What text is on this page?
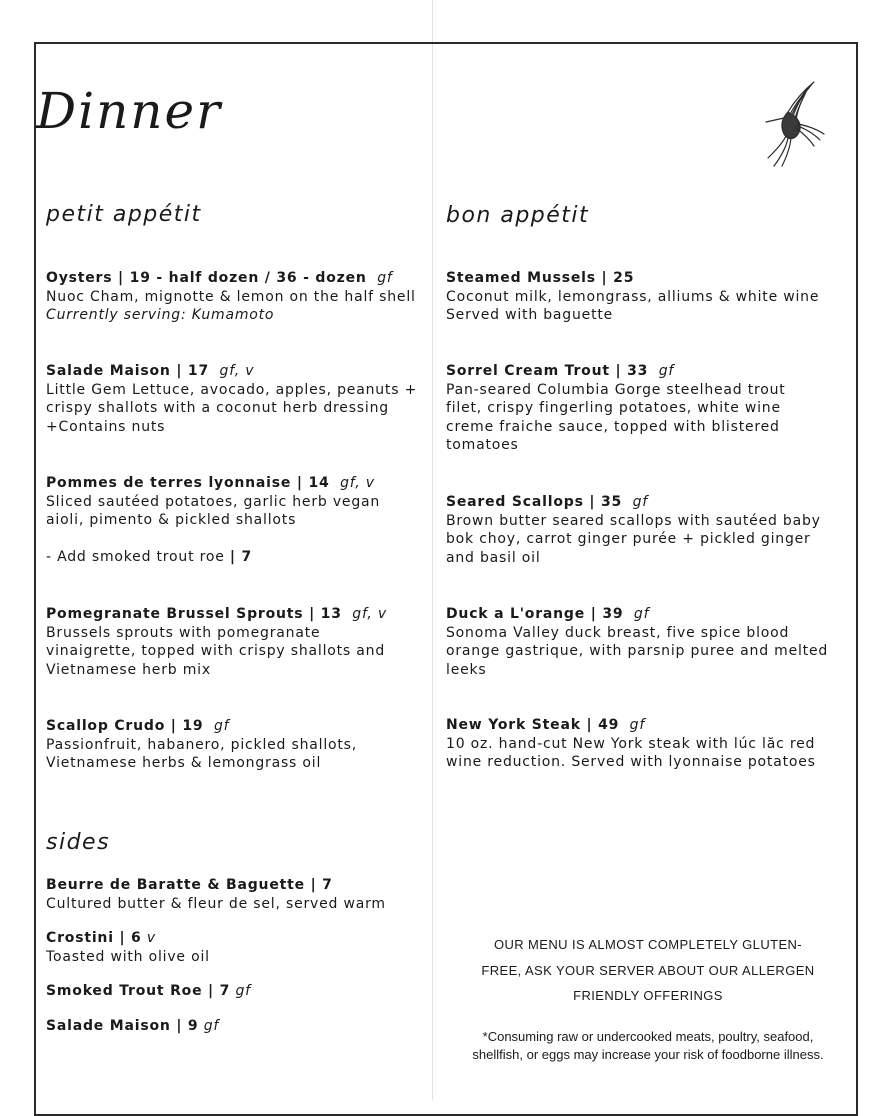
Dinner
petit appétit
Oysters | 19 - half dozen / 36 - dozen gf
Nuoc Cham, mignotte & lemon on the half shell
Currently serving: Kumamoto
Salade Maison | 17 gf, v
Little Gem Lettuce, avocado, apples, peanuts +
crispy shallots with a coconut herb dressing
+Contains nuts
Pommes de terres lyonnaise | 14 gf, v
Sliced sautéed potatoes, garlic herb vegan
aioli, pimento & pickled shallots

- Add smoked trout roe | 7
Pomegranate Brussel Sprouts | 13 gf, v
Brussels sprouts with pomegranate
vinaigrette, topped with crispy shallots and
Vietnamese herb mix
Scallop Crudo | 19 gf
Passionfruit, habanero, pickled shallots,
Vietnamese herbs & lemongrass oil
sides
Beurre de Baratte & Baguette | 7
Cultured butter & fleur de sel, served warm
Crostini | 6 v
Toasted with olive oil
Smoked Trout Roe | 7 gf
Salade Maison | 9 gf
bon appétit
Steamed Mussels | 25
Coconut milk, lemongrass, alliums & white wine
Served with baguette
Sorrel Cream Trout | 33 gf
Pan-seared Columbia Gorge steelhead trout
filet, crispy fingerling potatoes, white wine
creme fraiche sauce, topped with blistered
tomatoes
Seared Scallops | 35 gf
Brown butter seared scallops with sautéed baby
bok choy, carrot ginger purée + pickled ginger
and basil oil
Duck a L'orange | 39 gf
Sonoma Valley duck breast, five spice blood
orange gastrique, with parsnip puree and melted
leeks
New York Steak | 49 gf
10 oz. hand-cut New York steak with lúc lăc red
wine reduction. Served with lyonnaise potatoes
OUR MENU IS ALMOST COMPLETELY GLUTEN-
FREE, ASK YOUR SERVER ABOUT OUR ALLERGEN
FRIENDLY OFFERINGS
*Consuming raw or undercooked meats, poultry, seafood,
shellfish, or eggs may increase your risk of foodborne illness.
